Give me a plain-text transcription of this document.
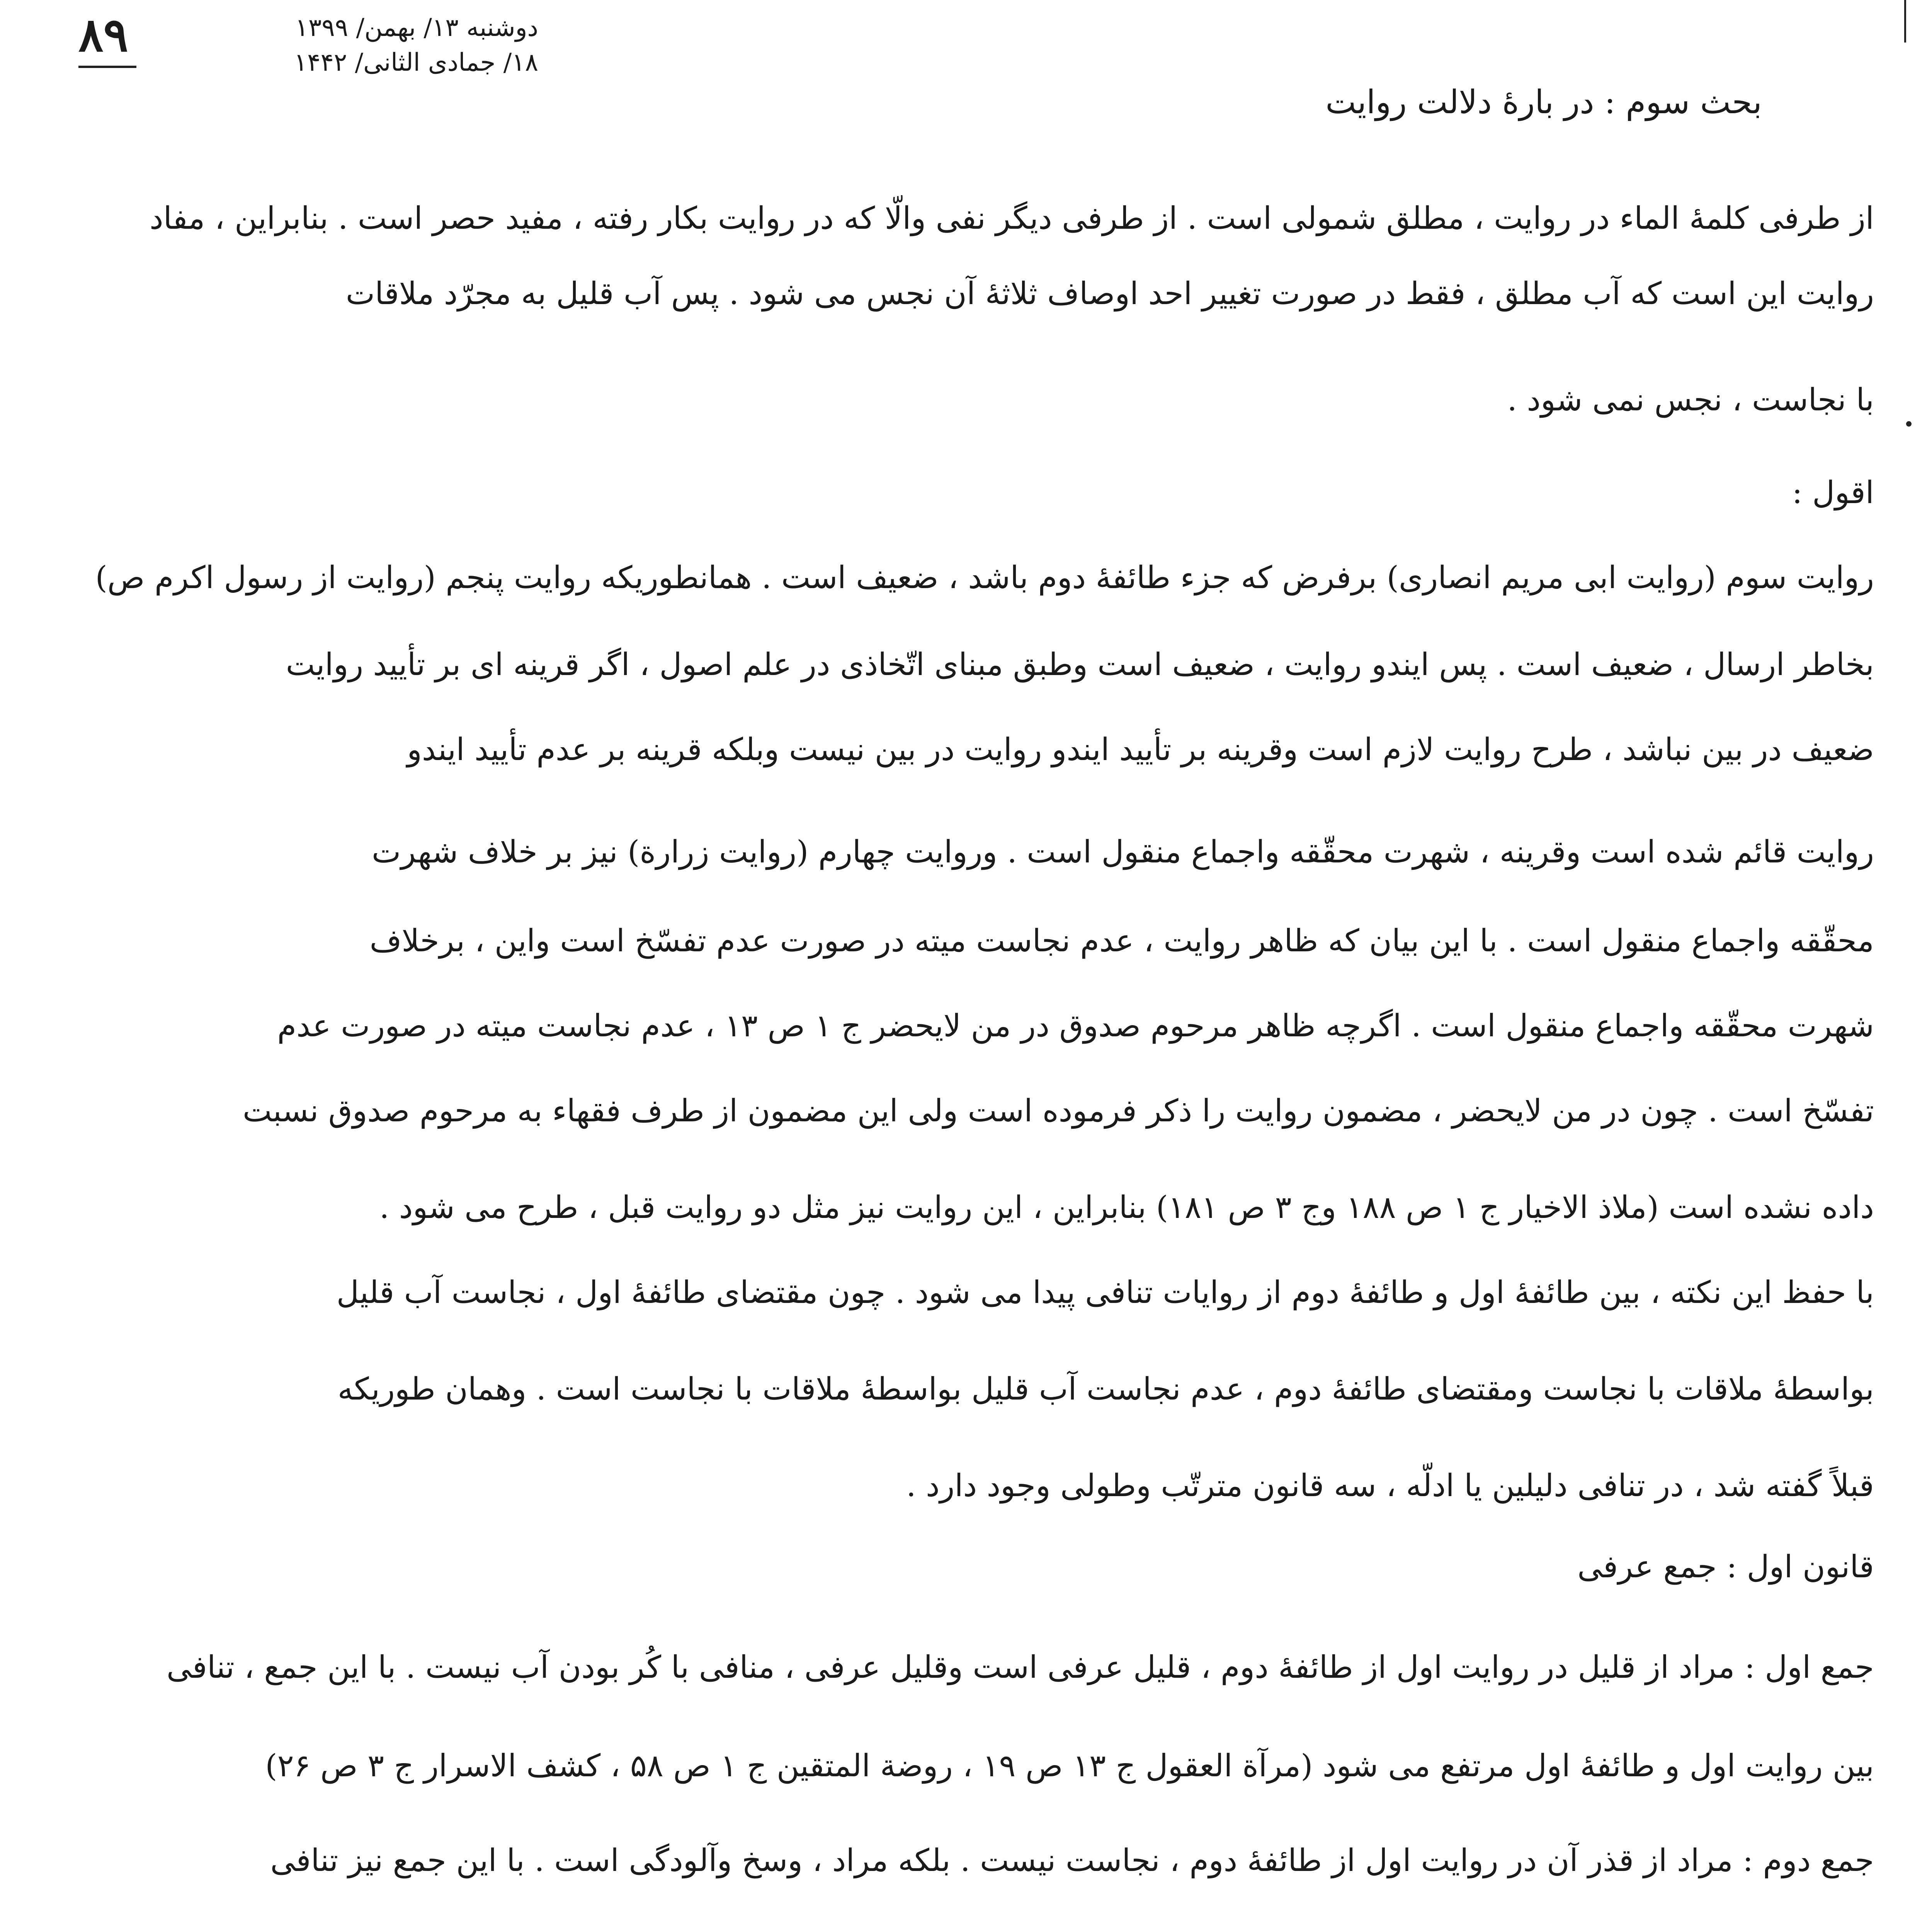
۸۹	دوشنبه ۱۳/ بهمن/ ۱۳۹۹
۱۸/ جمادی الثانی/ ۱۴۴۲
بحث سوم : در بارۀ دلالت روایت
از طرفی کلمۀ الماء در روایت ، مطلق شمولی است . از طرفی دیگر نفی والّا که در روایت بکار رفته ، مفید حصر است . بنابراین ، مفاد
روایت این است که آب مطلق ، فقط در صورت تغییر احد اوصاف ثلاثۀ آن نجس می شود . پس آب قلیل به مجرّد ملاقات
با نجاست ، نجس نمی شود .
اقول :
روایت سوم (روایت ابی مریم انصاری) برفرض که جزء طائفۀ دوم باشد ، ضعیف است . همانطوریکه روایت پنجم (روایت از رسول اکرم ص)
بخاطر ارسال ، ضعیف است . پس ایندو روایت ، ضعیف است وطبق مبنای اتّخاذی در علم اصول ، اگر قرینه ای بر تأیید روایت
ضعیف در بین نباشد ، طرح روایت لازم است وقرینه بر تأیید ایندو روایت در بین نیست وبلکه قرینه بر عدم تأیید ایندو
روایت قائم شده است وقرینه ، شهرت محقّقه واجماع منقول است . وروایت چهارم (روایت زرارة) نیز بر خلاف شهرت
محقّقه واجماع منقول است . با این بیان که ظاهر روایت ، عدم نجاست میته در صورت عدم تفسّخ است واین ، برخلاف
شهرت محقّقه واجماع منقول است . اگرچه ظاهر مرحوم صدوق در من لایحضر ج ۱ ص ۱۳ ، عدم نجاست میته در صورت عدم
تفسّخ است . چون در من لایحضر ، مضمون روایت را ذکر فرموده است ولی این مضمون از طرف فقهاء به مرحوم صدوق نسبت
داده نشده است (ملاذ الاخیار ج ۱ ص ۱۸۸ وج ۳ ص ۱۸۱) بنابراین ، این روایت نیز مثل دو روایت قبل ، طرح می شود .
با حفظ این نکته ، بین طائفۀ اول و طائفۀ دوم از روایات تنافی پیدا می شود . چون مقتضای طائفۀ اول ، نجاست آب قلیل
بواسطۀ ملاقات با نجاست ومقتضای طائفۀ دوم ، عدم نجاست آب قلیل بواسطۀ ملاقات با نجاست است . وهمان طوریکه
قبلاً گفته شد ، در تنافی دلیلین یا ادلّه ، سه قانون مترتّب وطولی وجود دارد .
قانون اول : جمع عرفی
جمع اول : مراد از قلیل در روایت اول از طائفۀ دوم ، قلیل عرفی است وقلیل عرفی ، منافی با کُر بودن آب نیست . با این جمع ، تنافی
بین روایت اول و طائفۀ اول مرتفع می شود (مرآة العقول ج ۱۳ ص ۱۹ ، روضة المتقین ج ۱ ص ۵۸ ، کشف الاسرار ج ۳ ص ۲۶)
جمع دوم : مراد از قذر آن در روایت اول از طائفۀ دوم ، نجاست نیست . بلکه مراد ، وسخ وآلودگی است . با این جمع نیز تنافی
